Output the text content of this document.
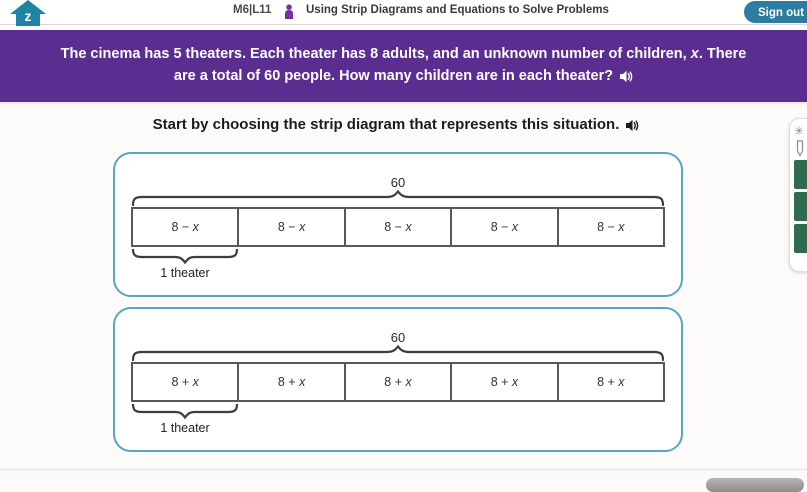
z	M6|L11	Using Strip Diagrams and Equations to Solve Problems	Sign out
The cinema has 5 theaters. Each theater has 8 adults, and an unknown number of children, x. There
are a total of 60 people. How many children are in each theater?
Start by choosing the strip diagram that represents this situation.
60
8 − x	8 − x	8 − x	8 − x	8 − x
1 theater
60
8 + x	8 + x	8 + x	8 + x	8 + x
1 theater
✳
